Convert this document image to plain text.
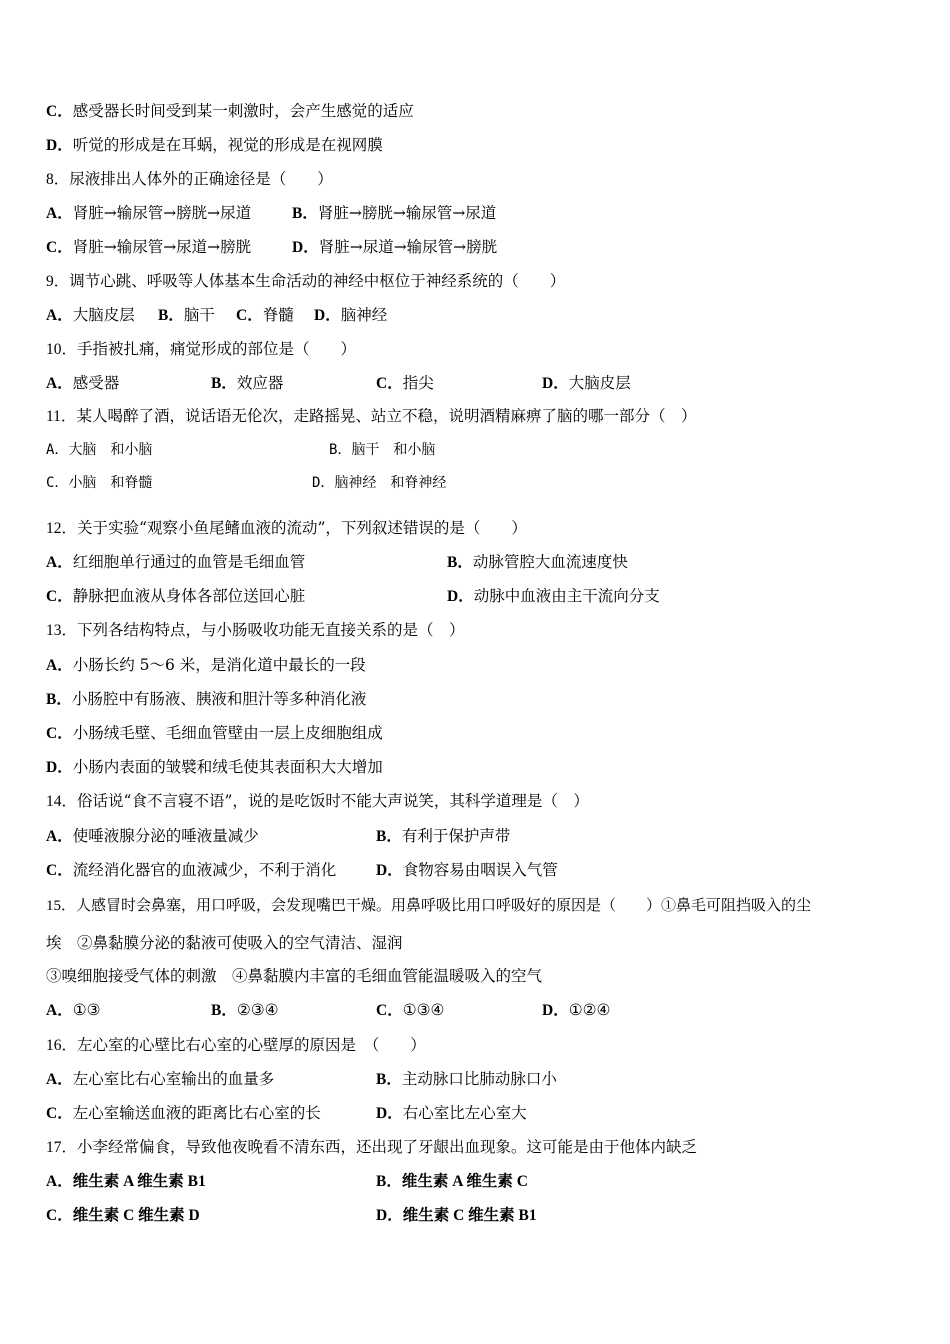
C．感受器长时间受到某一刺激时，会产生感觉的适应
D．听觉的形成是在耳蜗，视觉的形成是在视网膜
8．尿液排出人体外的正确途径是（　　）
A．肾脏→输尿管→膀胱→尿道	B．肾脏→膀胱→输尿管→尿道
C．肾脏→输尿管→尿道→膀胱	D．肾脏→尿道→输尿管→膀胱
9．调节心跳、呼吸等人体基本生命活动的神经中枢位于神经系统的（　　）
A．大脑皮层 B．脑干 C．脊髓 D．脑神经
10．手指被扎痛，痛觉形成的部位是（　　）
A．感受器	B．效应器	C．指尖	D．大脑皮层
11．某人喝醉了酒，说话语无伦次，走路摇晃、站立不稳，说明酒精麻痹了脑的哪一部分（　）
A．大脑　和小脑	B．脑干　和小脑
C．小脑　和脊髓	D．脑神经　和脊神经
12．关于实验“观察小鱼尾鳍血液的流动”，下列叙述错误的是（　　）
A．红细胞单行通过的血管是毛细血管	B．动脉管腔大血流速度快
C．静脉把血液从身体各部位送回心脏	D．动脉中血液由主干流向分支
13．下列各结构特点，与小肠吸收功能无直接关系的是（　）
A．小肠长约 5～6 米，是消化道中最长的一段
B．小肠腔中有肠液、胰液和胆汁等多种消化液
C．小肠绒毛壁、毛细血管壁由一层上皮细胞组成
D．小肠内表面的皱襞和绒毛使其表面积大大增加
14．俗话说“食不言寝不语”，说的是吃饭时不能大声说笑，其科学道理是（　）
A．使唾液腺分泌的唾液量减少	B．有利于保护声带
C．流经消化器官的血液减少，不利于消化	D．食物容易由咽误入气管
15．人感冒时会鼻塞，用口呼吸，会发现嘴巴干燥。用鼻呼吸比用口呼吸好的原因是（　　）①鼻毛可阻挡吸入的尘
埃　②鼻黏膜分泌的黏液可使吸入的空气清洁、湿润
③嗅细胞接受气体的刺激　④鼻黏膜内丰富的毛细血管能温暖吸入的空气
A．①③	B．②③④	C．①③④	D．①②④
16．左心室的心壁比右心室的心壁厚的原因是　（　　）
A．左心室比右心室输出的血量多	B．主动脉口比肺动脉口小
C．左心室输送血液的距离比右心室的长	D．右心室比左心室大
17．小李经常偏食，导致他夜晚看不清东西，还出现了牙龈出血现象。这可能是由于他体内缺乏
A．维生素 A 维生素 B1	B．维生素 A 维生素 C
C．维生素 C 维生素 D	D．维生素 C 维生素 B1
